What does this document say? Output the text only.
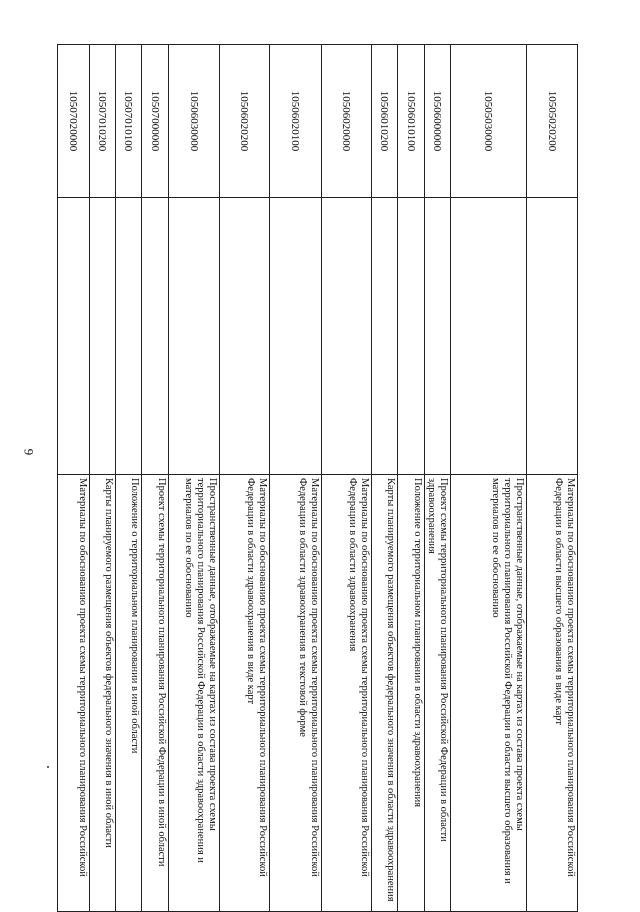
6
10505020200		Материалы по обоснованию проекта схемы территориального планирования Российской Федерации в области высшего образования в виде карт
10505030000		Пространственные данные, отображаемые на картах из состава проекта схемы территориального планирования Российской Федерации в области высшего образования и материалов по ее обоснованию
10506000000		Проект схемы территориального планирования Российской Федерации в области здравоохранения
10506010100		Положение о территориальном планировании в области здравоохранения
10506010200		Карты планируемого размещения объектов федерального значения в области здравоохранения
10506020000		Материалы по обоснованию проекта схемы территориального планирования Российской Федерации в области здравоохранения
10506020100		Материалы по обоснованию проекта схемы территориального планирования Российской Федерации в области здравоохранения в текстовой форме
10506020200		Материалы по обоснованию проекта схемы территориального планирования Российской Федерации в области здравоохранения в виде карт
10506030000		Пространственные данные, отображаемые на картах из состава проекта схемы территориального планирования Российской Федерации в области здравоохранения и материалов по ее обоснованию
10507000000		Проект схемы территориального планирования Российской Федерации в иной области
10507010100		Положение о территориальном планировании в иной области
10507010200		Карты планируемого размещения объектов федерального значения в иной области
10507020000		Материалы по обоснованию проекта схемы территориального планирования Российской
